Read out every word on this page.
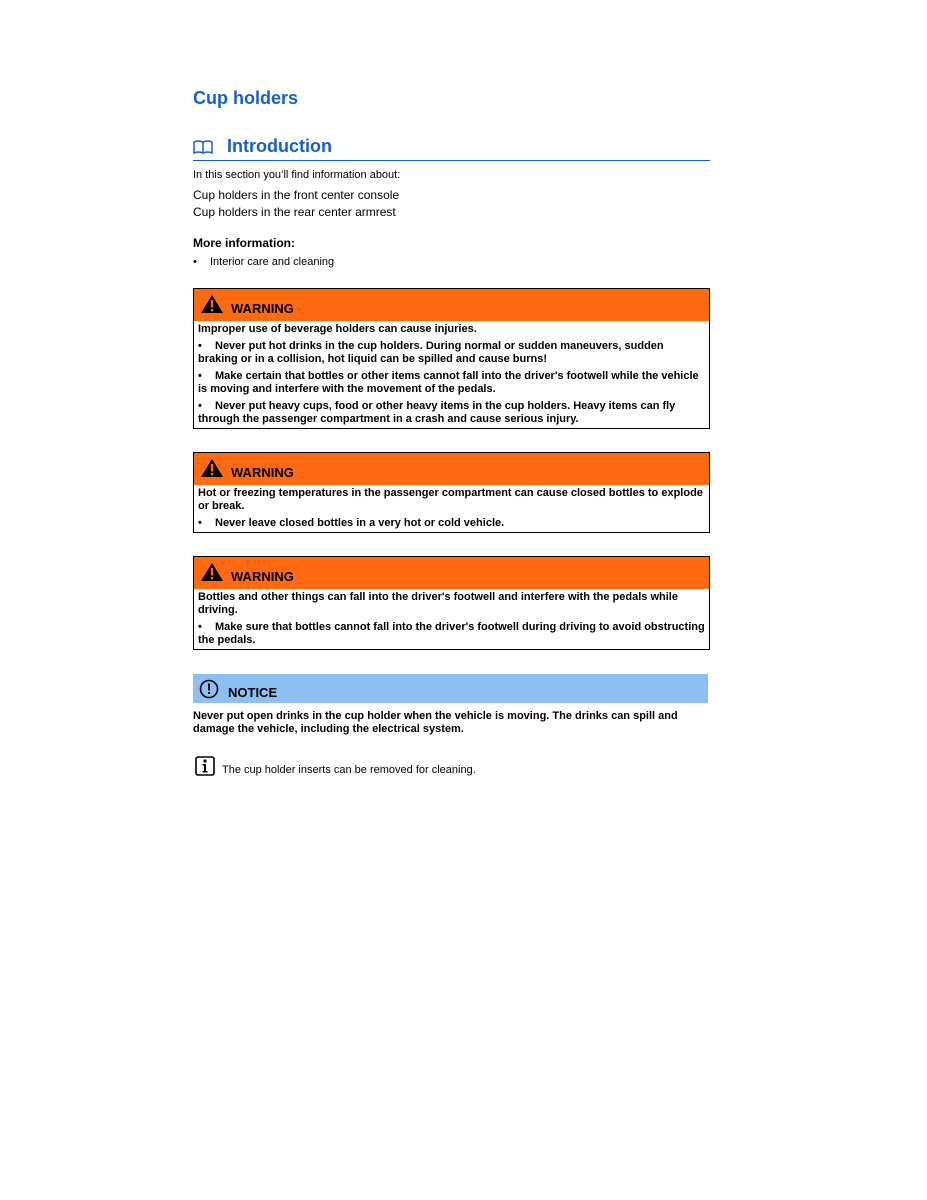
Cup holders
Introduction
In this section you’ll find information about:
Cup holders in the front center console
Cup holders in the rear center armrest
More information:
• Interior care and cleaning
WARNING

Improper use of beverage holders can cause injuries.

• Never put hot drinks in the cup holders. During normal or sudden maneuvers, sudden braking or in a collision, hot liquid can be spilled and cause burns!

• Make certain that bottles or other items cannot fall into the driver's footwell while the vehicle is moving and interfere with the movement of the pedals.

• Never put heavy cups, food or other heavy items in the cup holders. Heavy items can fly through the passenger compartment in a crash and cause serious injury.

WARNING

Hot or freezing temperatures in the passenger compartment can cause closed bottles to explode or break.

• Never leave closed bottles in a very hot or cold vehicle.

WARNING

Bottles and other things can fall into the driver's footwell and interfere with the pedals while driving.

• Make sure that bottles cannot fall into the driver's footwell during driving to avoid obstructing the pedals.

NOTICE
Never put open drinks in the cup holder when the vehicle is moving. The drinks can spill and damage the vehicle, including the electrical system.
The cup holder inserts can be removed for cleaning.
